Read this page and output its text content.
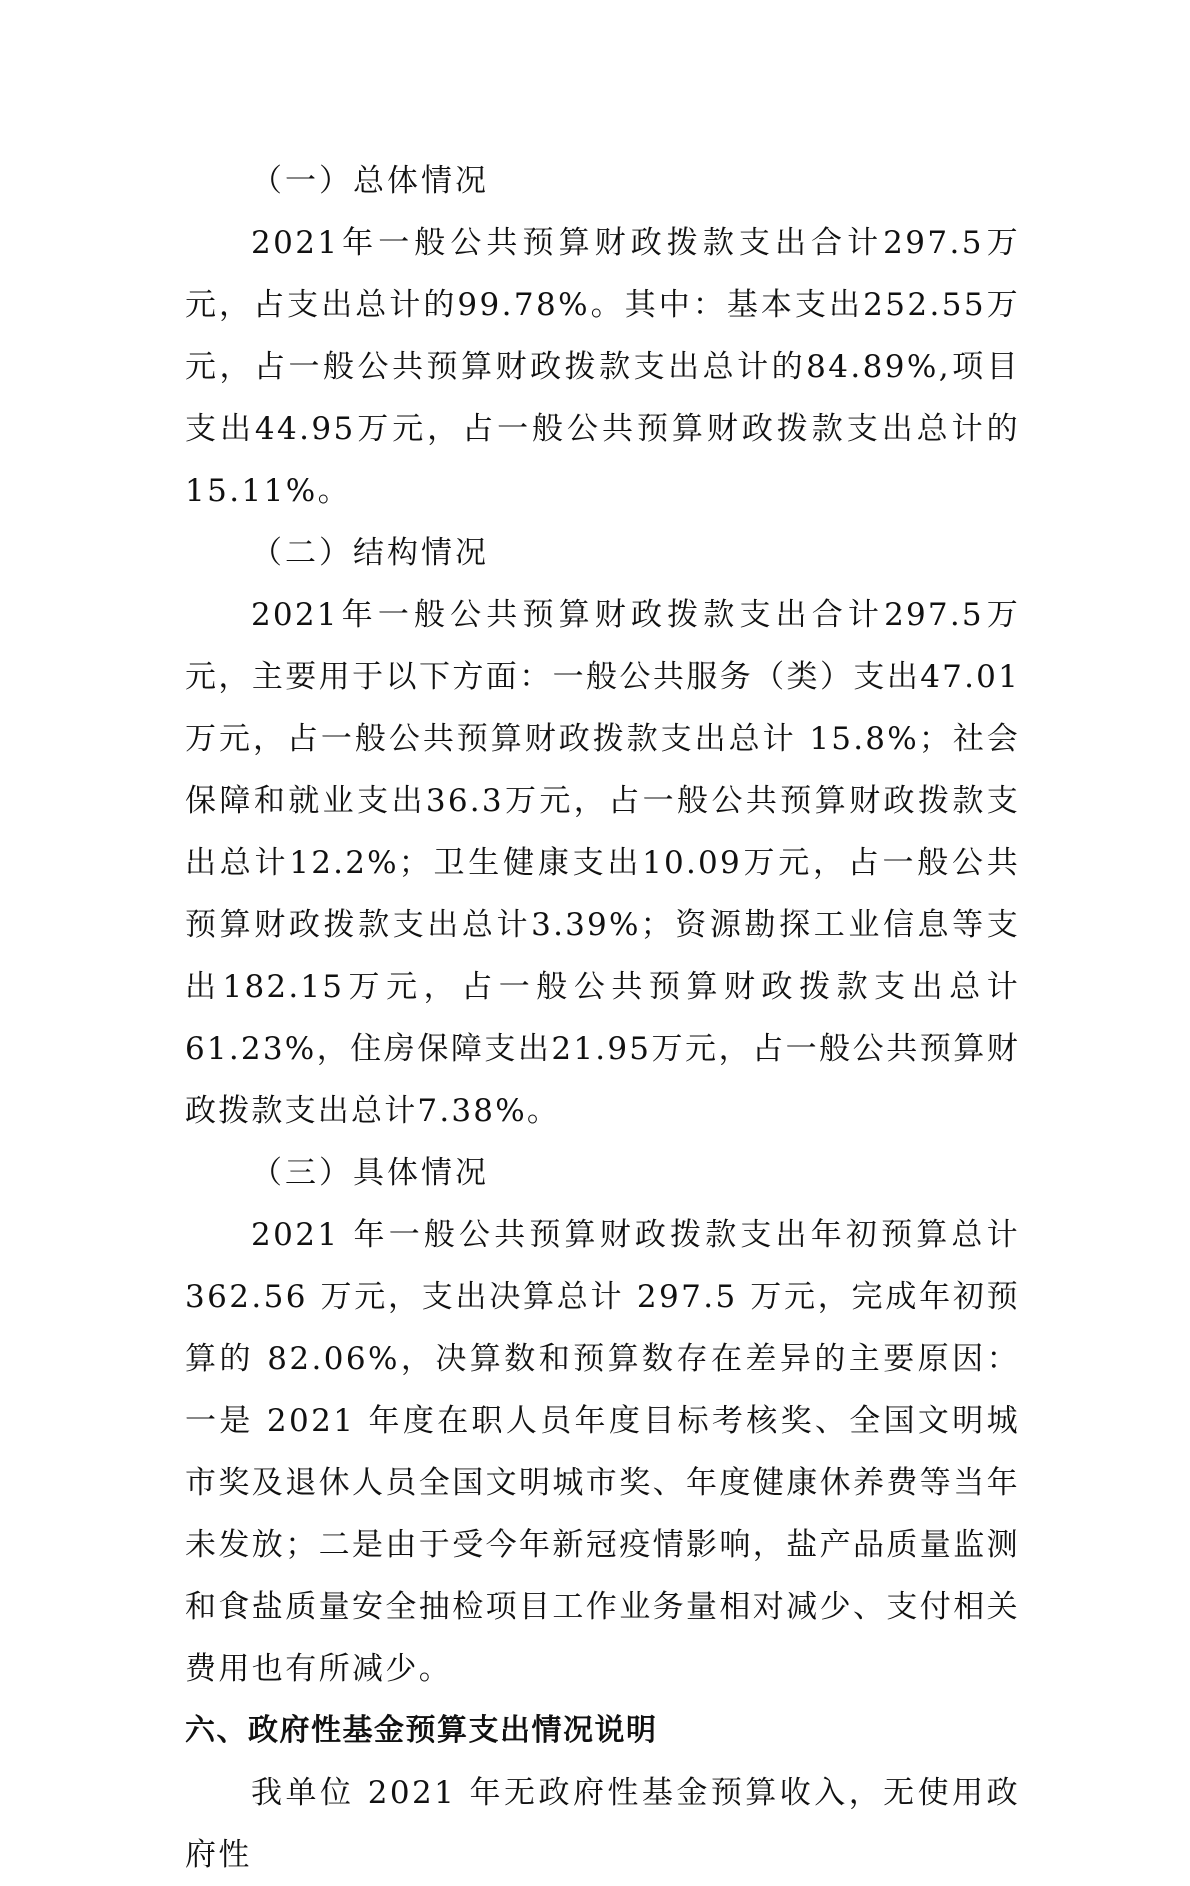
（一）总体情况

2021年一般公共预算财政拨款支出合计297.5万元，占支出总计的99.78%。其中：基本支出252.55万元，占一般公共预算财政拨款支出总计的84.89%,项目支出44.95万元，占一般公共预算财政拨款支出总计的15.11%。

（二）结构情况

2021年一般公共预算财政拨款支出合计297.5万元，主要用于以下方面：一般公共服务（类）支出47.01万元，占一般公共预算财政拨款支出总计 15.8%；社会保障和就业支出36.3万元，占一般公共预算财政拨款支出总计12.2%；卫生健康支出10.09万元，占一般公共预算财政拨款支出总计3.39%；资源勘探工业信息等支出182.15万元，占一般公共预算财政拨款支出总计61.23%，住房保障支出21.95万元，占一般公共预算财政拨款支出总计7.38%。

（三）具体情况

2021 年一般公共预算财政拨款支出年初预算总计 362.56 万元，支出决算总计 297.5 万元，完成年初预算的 82.06%，决算数和预算数存在差异的主要原因：一是 2021 年度在职人员年度目标考核奖、全国文明城市奖及退休人员全国文明城市奖、年度健康休养费等当年未发放；二是由于受今年新冠疫情影响，盐产品质量监测和食盐质量安全抽检项目工作业务量相对减少、支付相关费用也有所减少。

六、政府性基金预算支出情况说明

我单位 2021 年无政府性基金预算收入，无使用政府性
